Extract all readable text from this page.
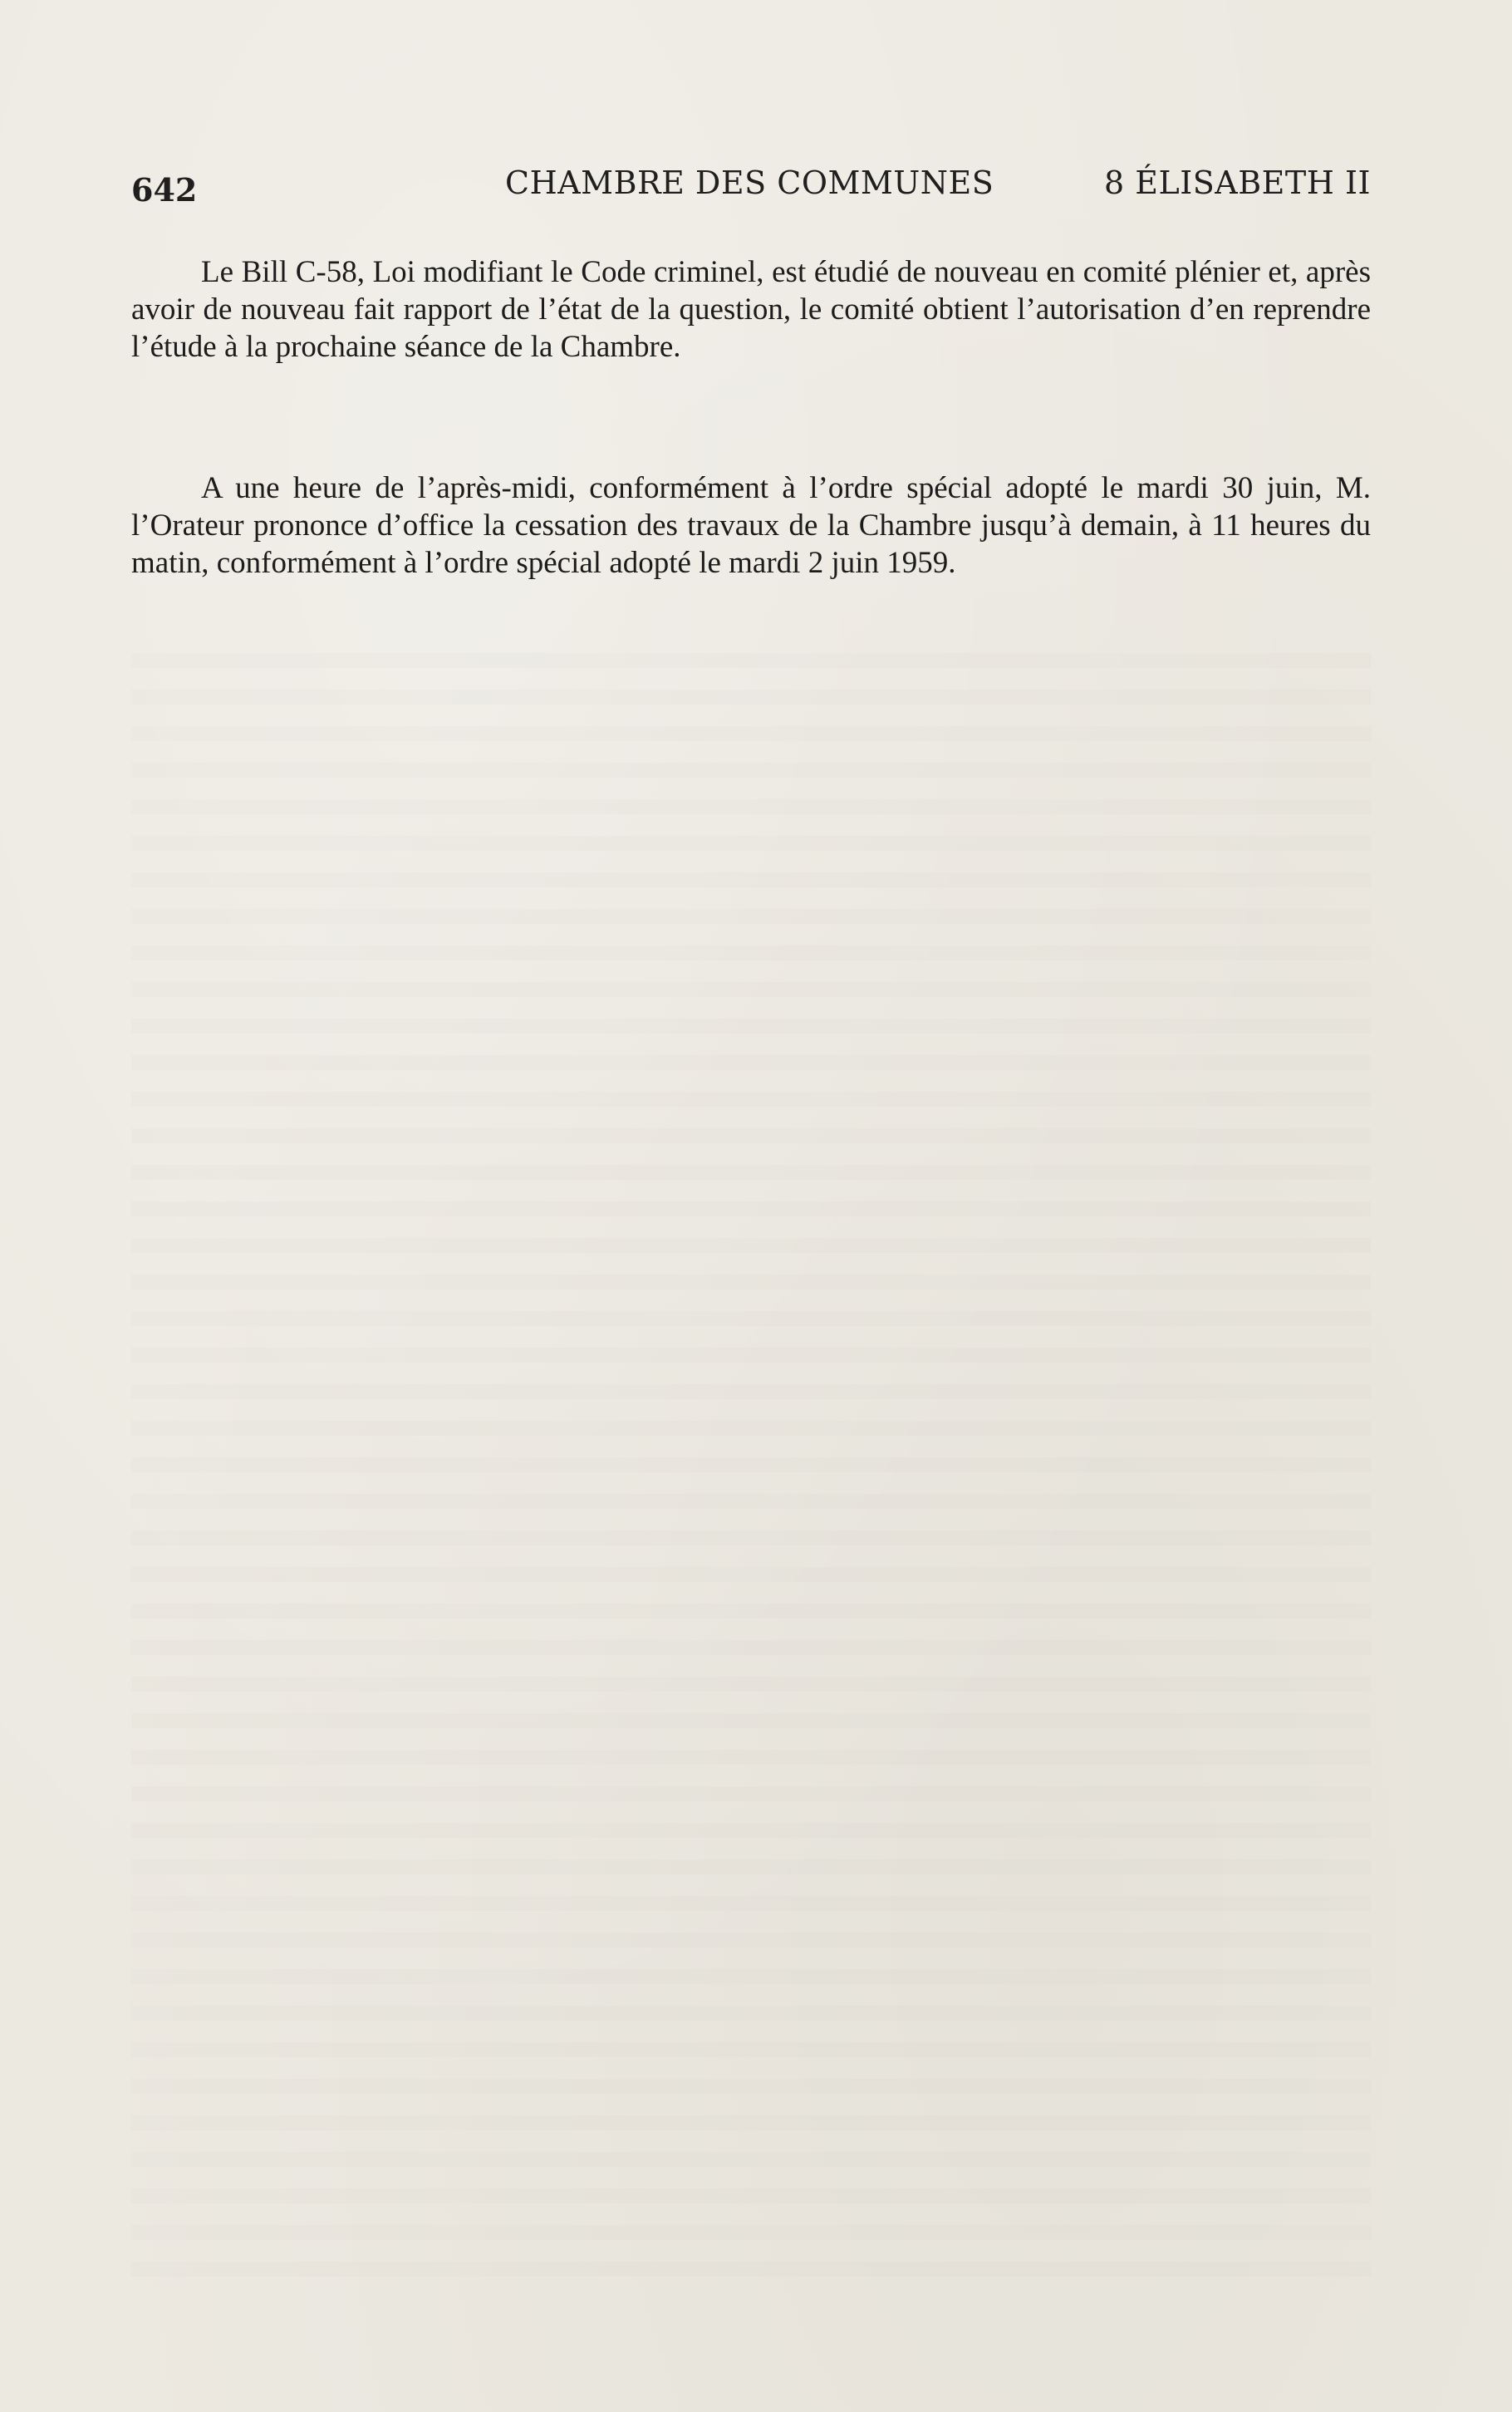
642	CHAMBRE DES COMMUNES	8 ÉLISABETH II

Le Bill C-58, Loi modifiant le Code criminel, est étudié de nouveau en comité plénier et, après avoir de nouveau fait rapport de l’état de la question, le comité obtient l’autorisation d’en reprendre l’étude à la prochaine séance de la Chambre.

A une heure de l’après-midi, conformément à l’ordre spécial adopté le mardi 30 juin, M. l’Orateur prononce d’office la cessation des travaux de la Chambre jusqu’à demain, à 11 heures du matin, conformément à l’ordre spécial adopté le mardi 2 juin 1959.
